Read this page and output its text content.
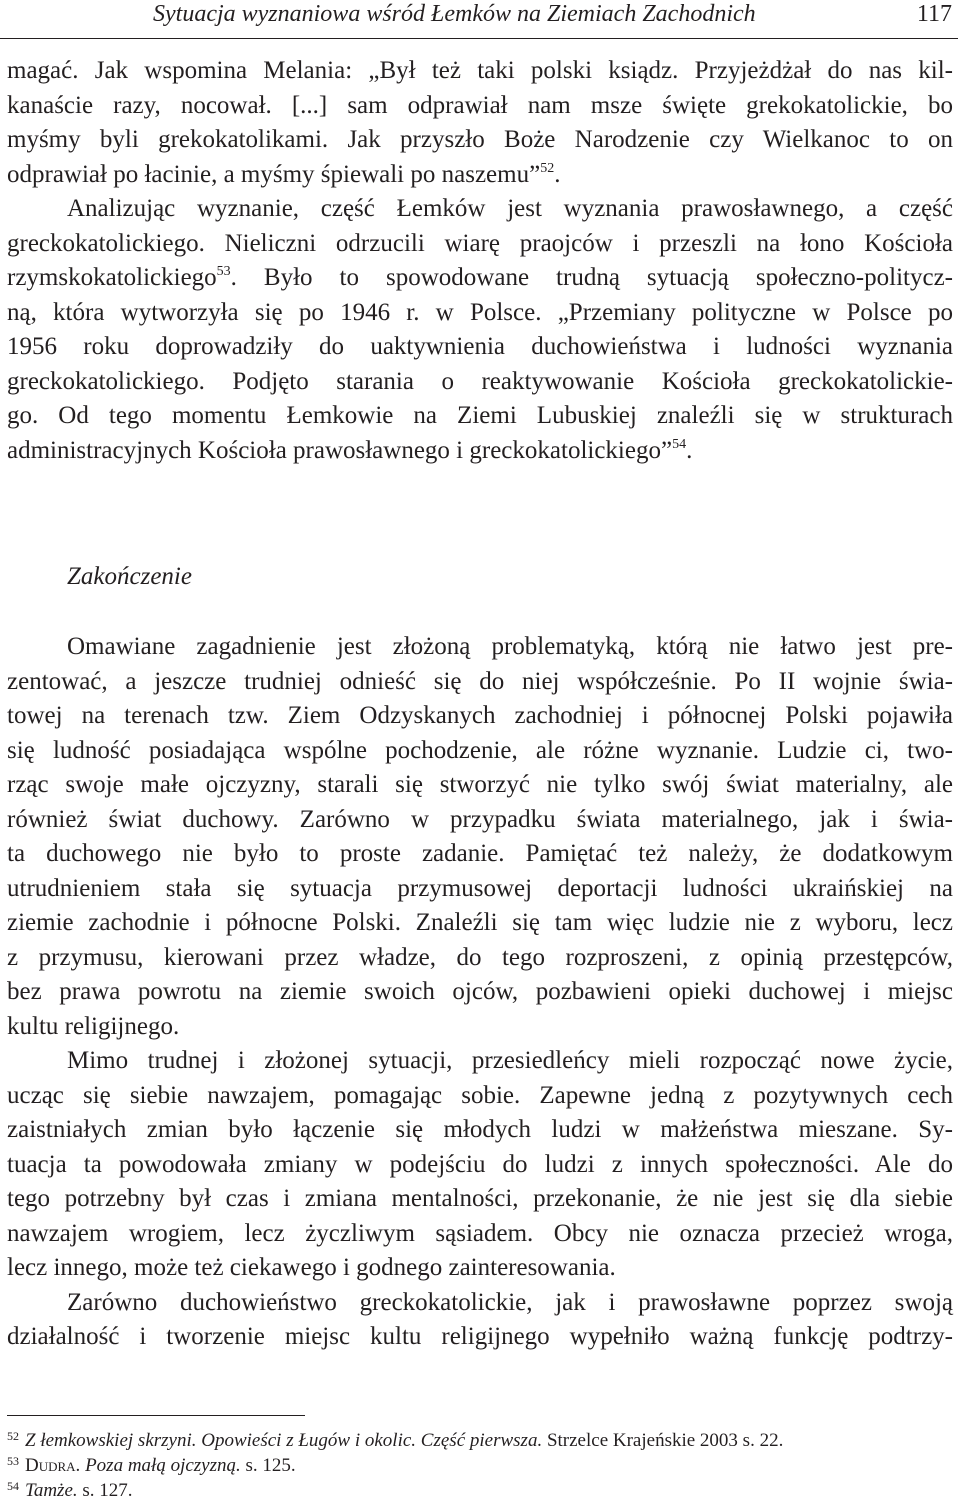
Sytuacja wyznaniowa wśród Łemków na Ziemiach Zachodnich	117
magać. Jak wspomina Melania: „Był też taki polski ksiądz. Przyjeżdżał do nas kil-
kanaście razy, nocował. [...] sam odprawiał nam msze święte grekokatolickie, bo
myśmy byli grekokatolikami. Jak przyszło Boże Narodzenie czy Wielkanoc to on
odprawiał po łacinie, a myśmy śpiewali po naszemu”$^{52}$.
Analizując wyznanie, część Łemków jest wyznania prawosławnego, a część
greckokatolickiego. Nieliczni odrzucili wiarę praojców i przeszli na łono Kościoła
rzymskokatolickiego$^{53}$. Było to spowodowane trudną sytuacją społeczno-politycz-
ną, która wytworzyła się po 1946 r. w Polsce. „Przemiany polityczne w Polsce po
1956 roku doprowadziły do uaktywnienia duchowieństwa i ludności wyznania
greckokatolickiego. Podjęto starania o reaktywowanie Kościoła greckokatolickie-
go. Od tego momentu Łemkowie na Ziemi Lubuskiej znaleźli się w strukturach
administracyjnych Kościoła prawosławnego i greckokatolickiego”$^{54}$.
Zakończenie
Omawiane zagadnienie jest złożoną problematyką, którą nie łatwo jest pre-
zentować, a jeszcze trudniej odnieść się do niej współcześnie. Po II wojnie świa-
towej na terenach tzw. Ziem Odzyskanych zachodniej i północnej Polski pojawiła
się ludność posiadająca wspólne pochodzenie, ale różne wyznanie. Ludzie ci, two-
rząc swoje małe ojczyzny, starali się stworzyć nie tylko swój świat materialny, ale
również świat duchowy. Zarówno w przypadku świata materialnego, jak i świa-
ta duchowego nie było to proste zadanie. Pamiętać też należy, że dodatkowym
utrudnieniem stała się sytuacja przymusowej deportacji ludności ukraińskiej na
ziemie zachodnie i północne Polski. Znaleźli się tam więc ludzie nie z wyboru, lecz
z przymusu, kierowani przez władze, do tego rozproszeni, z opinią przestępców,
bez prawa powrotu na ziemie swoich ojców, pozbawieni opieki duchowej i miejsc
kultu religijnego.
Mimo trudnej i złożonej sytuacji, przesiedleńcy mieli rozpocząć nowe życie,
ucząc się siebie nawzajem, pomagając sobie. Zapewne jedną z pozytywnych cech
zaistniałych zmian było łączenie się młodych ludzi w małżeństwa mieszane. Sy-
tuacja ta powodowała zmiany w podejściu do ludzi z innych społeczności. Ale do
tego potrzebny był czas i zmiana mentalności, przekonanie, że nie jest się dla siebie
nawzajem wrogiem, lecz życzliwym sąsiadem. Obcy nie oznacza przecież wroga,
lecz innego, może też ciekawego i godnego zainteresowania.
Zarówno duchowieństwo greckokatolickie, jak i prawosławne poprzez swoją
działalność i tworzenie miejsc kultu religijnego wypełniło ważną funkcję podtrzy-
$^{52}$ Z łemkowskiej skrzyni. Opowieści z Ługów i okolic. Część pierwsza. Strzelce Krajeńskie 2003 s. 22.
$^{53}$ Dudra. Poza małą ojczyzną. s. 125.
$^{54}$ Tamże. s. 127.
